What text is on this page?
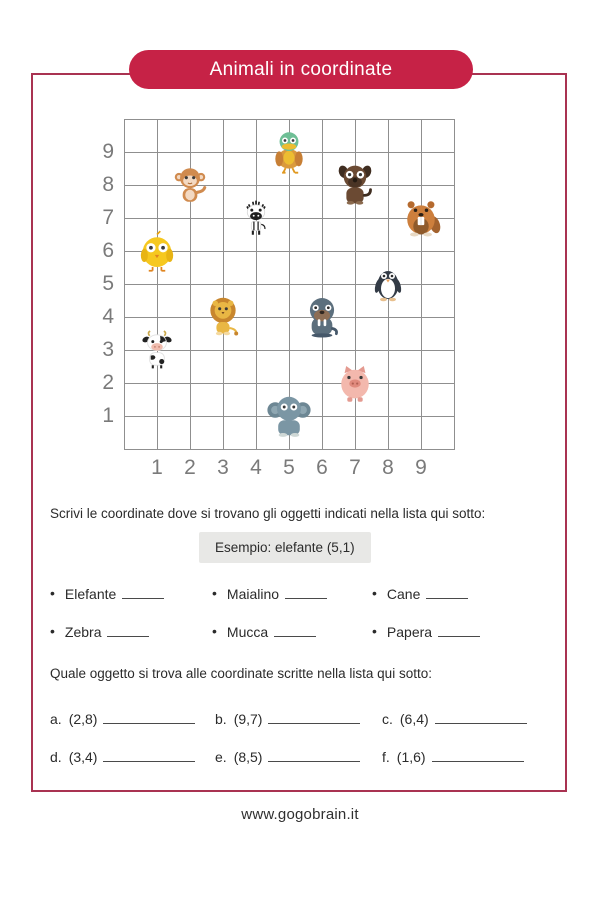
Animali in coordinate
1
2
3
4
5
6
7
8
9
1	2	3	4	5	6	7	8	9
Scrivi le coordinate dove si trovano gli oggetti indicati nella lista qui sotto:
Esempio: elefante (5,1)
• Elefante	• Maialino	• Cane
• Zebra	• Mucca	• Papera
Quale oggetto si trova alle coordinate scritte nella lista qui sotto:
a. (2,8)	b. (9,7)	c. (6,4)
d. (3,4)	e. (8,5)	f. (1,6)
www.gogobrain.it
